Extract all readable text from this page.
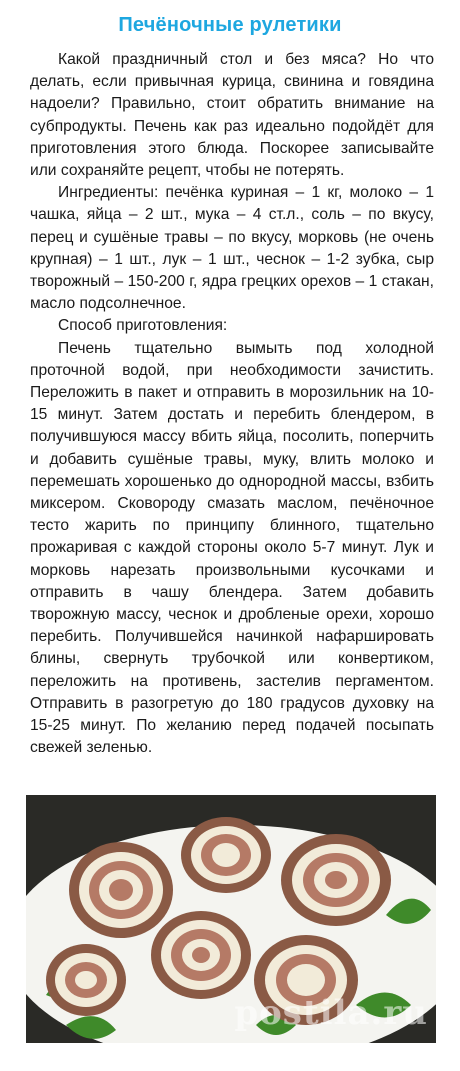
Печёночные рулетики

Какой праздничный стол и без мяса? Но что делать, если привычная курица, свинина и говядина надоели? Правильно, стоит обратить внимание на субпродукты. Печень как раз идеально подойдёт для приготовления этого блюда. Поскорее записывайте или сохраняйте рецепт, чтобы не потерять.

Ингредиенты: печёнка куриная – 1 кг, молоко – 1 чашка, яйца – 2 шт., мука – 4 ст.л., соль – по вкусу, перец и сушёные травы – по вкусу, морковь (не очень крупная) – 1 шт., лук – 1 шт., чеснок – 1-2 зубка, сыр творожный – 150-200 г, ядра грецких орехов – 1 стакан, масло подсолнечное.

Способ приготовления:

Печень тщательно вымыть под холодной проточной водой, при необходимости зачистить. Переложить в пакет и отправить в морозильник на 10-15 минут. Затем достать и перебить блендером, в получившуюся массу вбить яйца, посолить, поперчить и добавить сушёные травы, муку, влить молоко и перемешать хорошенько до однородной массы, взбить миксером. Сковороду смазать маслом, печёночное тесто жарить по принципу блинного, тщательно прожаривая с каждой стороны около 5-7 минут. Лук и морковь нарезать произвольными кусочками и отправить в чашу блендера. Затем добавить творожную массу, чеснок и дробленые орехи, хорошо перебить. Получившейся начинкой нафаршировать блины, свернуть трубочкой или конвертиком, переложить на противень, застелив пергаментом. Отправить в разогретую до 180 градусов духовку на 15-25 минут. По желанию перед подачей посыпать свежей зеленью.

postila.ru
